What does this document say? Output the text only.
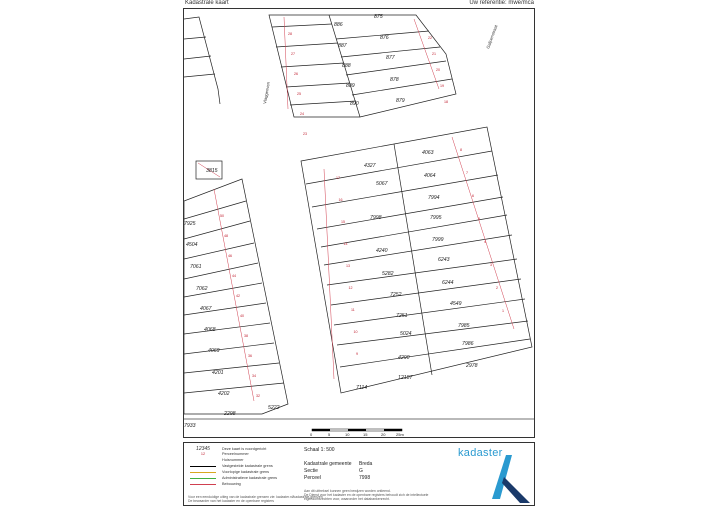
Kadastrale kaart	Uw referentie: mwe/mca
875
876
877
878
879
886
887
888
889
890
4327
4063
5067
4064
7994
7998	7995
4240
7999
6243
5282
6244
7252
4549
7251
7985
5024
7986
4290
7114
12187
2978
3815
7925
4504
7061
7062
4067
4068
4069
4201
4202
5222
2298
7933
28
27
26
25
24
23
22
21
20
19
18
17
16
15
14
13
12
11
10
9
8
7
6
5
4
3
2
1
50
48
46
44
42
40
38
36
34
32
Vlaggenven
Galjoenstraat
0	5	10	15	20	25m
12345	Deze kaart is noordgericht
12	Perceelnummer
Huisnummer
Vastgestelde kadastrale grens
Voorlopige kadastrale grens
Administratieve kadastrale grens
Bebouwing
Voor een eenduidige uitleg van de kadastrale grenzen zie: kadaster.nl/kadastrale-grenzen
De bewaarder van het kadaster en de openbare registers
Schaal 1: 500
Kadastrale gemeente Breda
Sectie	G
Perceel	7998
Aan dit uittreksel kunnen geen bewijzen worden ontleend.
De Dienst voor het kadaster en de openbare registers behoudt zich de intellectuele
eigendomsrechten voor, waaronder het databankenrecht.
kadaster
